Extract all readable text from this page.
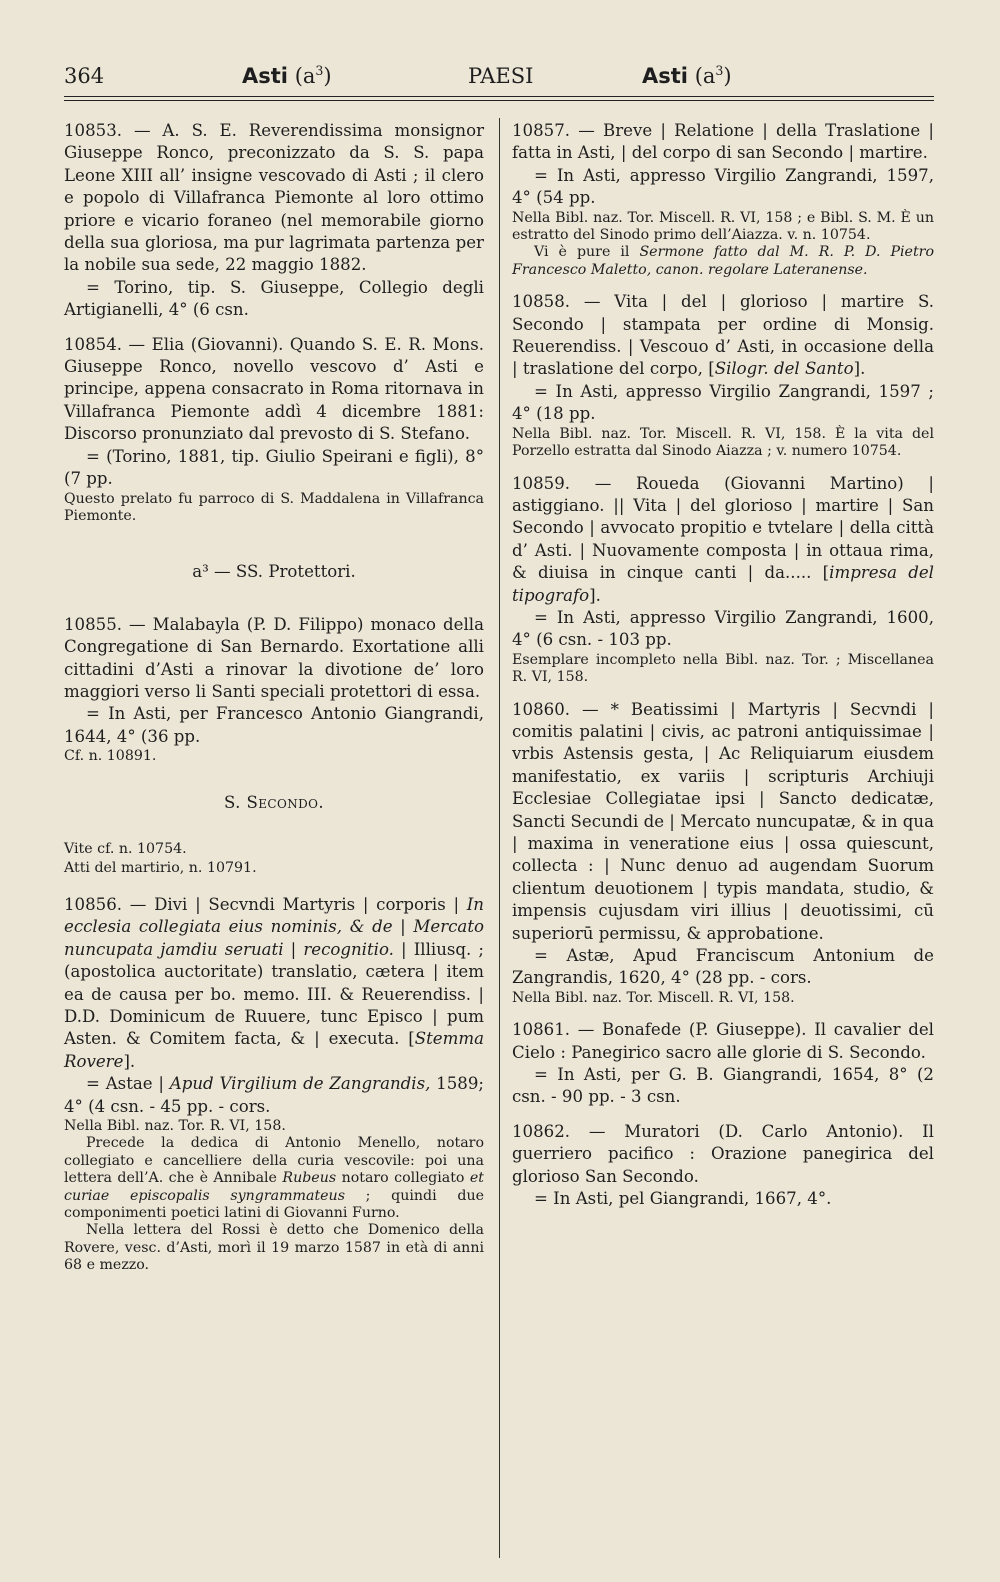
364	Asti $(a^3)$	PAESI	Asti $(a^3)$

10853. — A. S. E. Reverendissima monsignor Giuseppe Ronco, preconizzato da S. S. papa Leone XIII all’ insigne vescovado di Asti ; il clero e popolo di Villafranca Piemonte al loro ottimo priore e vicario foraneo (nel memorabile giorno della sua gloriosa, ma pur lagrimata partenza per la nobile sua sede, 22 maggio 1882.

= Torino, tip. S. Giuseppe, Collegio degli Artigianelli, 4° (6 csn.

10854. — Elia (Giovanni). Quando S. E. R. Mons. Giuseppe Ronco, novello vescovo d’ Asti e principe, appena consacrato in Roma ritornava in Villafranca Piemonte addì 4 dicembre 1881: Discorso pronunziato dal prevosto di S. Stefano.

= (Torino, 1881, tip. Giulio Speirani e figli), 8° (7 pp.

Questo prelato fu parroco di S. Maddalena in Villafranca Piemonte.

a³ — SS. Protettori.

10855. — Malabayla (P. D. Filippo) monaco della Congregatione di San Bernardo. Exortatione alli cittadini d’Asti a rinovar la divotione de’ loro maggiori verso li Santi speciali protettori di essa.

= In Asti, per Francesco Antonio Giangrandi, 1644, 4° (36 pp.

Cf. n. 10891.

S. Secondo.

Vite cf. n. 10754.
Atti del martirio, n. 10791.

10856. — Divi | Secvndi Martyris | corporis | In ecclesia collegiata eius nominis, & de | Mercato nuncupata jamdiu seruati | recognitio. | Illiusq. ; (apostolica auctoritate) translatio, cætera | item ea de causa per bo. memo. III. & Reuerendiss. | D.D. Dominicum de Ruuere, tunc Episco | pum Asten. & Comitem facta, & | executa. [Stemma Rovere].

= Astae | Apud Virgilium de Zangrandis, 1589; 4° (4 csn. - 45 pp. - cors.

Nella Bibl. naz. Tor. R. VI, 158.

Precede la dedica di Antonio Menello, notaro collegiato e cancelliere della curia vescovile: poi una lettera dell’A. che è Annibale Rubeus notaro collegiato et curiae episcopalis syngrammateus ; quindi due componimenti poetici latini di Giovanni Furno.

Nella lettera del Rossi è detto che Domenico della Rovere, vesc. d’Asti, morì il 19 marzo 1587 in età di anni 68 e mezzo.

10857. — Breve | Relatione | della Traslatione | fatta in Asti, | del corpo di san Secondo | martire.

= In Asti, appresso Virgilio Zangrandi, 1597, 4° (54 pp.

Nella Bibl. naz. Tor. Miscell. R. VI, 158 ; e Bibl. S. M. È un estratto del Sinodo primo dell’Aiazza. v. n. 10754.

Vi è pure il Sermone fatto dal M. R. P. D. Pietro Francesco Maletto, canon. regolare Lateranense.

10858. — Vita | del | glorioso | martire S. Secondo | stampata per ordine di Monsig. Reuerendiss. | Vescouo d’ Asti, in occasione della | traslatione del corpo, [Silogr. del Santo].

= In Asti, appresso Virgilio Zangrandi, 1597 ; 4° (18 pp.

Nella Bibl. naz. Tor. Miscell. R. VI, 158. È la vita del Porzello estratta dal Sinodo Aiazza ; v. numero 10754.

10859. — Roueda (Giovanni Martino) | astiggiano. || Vita | del glorioso | martire | San Secondo | avvocato propitio e tvtelare | della città d’ Asti. | Nuovamente composta | in ottaua rima, & diuisa in cinque canti | da..... [impresa del tipografo].

= In Asti, appresso Virgilio Zangrandi, 1600, 4° (6 csn. - 103 pp.

Esemplare incompleto nella Bibl. naz. Tor. ; Miscellanea R. VI, 158.

10860. — * Beatissimi | Martyris | Secvndi | comitis palatini | civis, ac patroni antiquissimae | vrbis Astensis gesta, | Ac Reliquiarum eiusdem manifestatio, ex variis | scripturis Archiuji Ecclesiae Collegiatae ipsi | Sancto dedicatæ, Sancti Secundi de | Mercato nuncupatæ, & in qua | maxima in veneratione eius | ossa quiescunt, collecta : | Nunc denuo ad augendam Suorum clientum deuotionem | typis mandata, studio, & impensis cujusdam viri illius | deuotissimi, cū superiorū permissu, & approbatione.

= Astæ, Apud Franciscum Antonium de Zangrandis, 1620, 4° (28 pp. - cors.

Nella Bibl. naz. Tor. Miscell. R. VI, 158.

10861. — Bonafede (P. Giuseppe). Il cavalier del Cielo : Panegirico sacro alle glorie di S. Secondo.

= In Asti, per G. B. Giangrandi, 1654, 8° (2 csn. - 90 pp. - 3 csn.

10862. — Muratori (D. Carlo Antonio). Il guerriero pacifico : Orazione panegirica del glorioso San Secondo.

= In Asti, pel Giangrandi, 1667, 4°.
